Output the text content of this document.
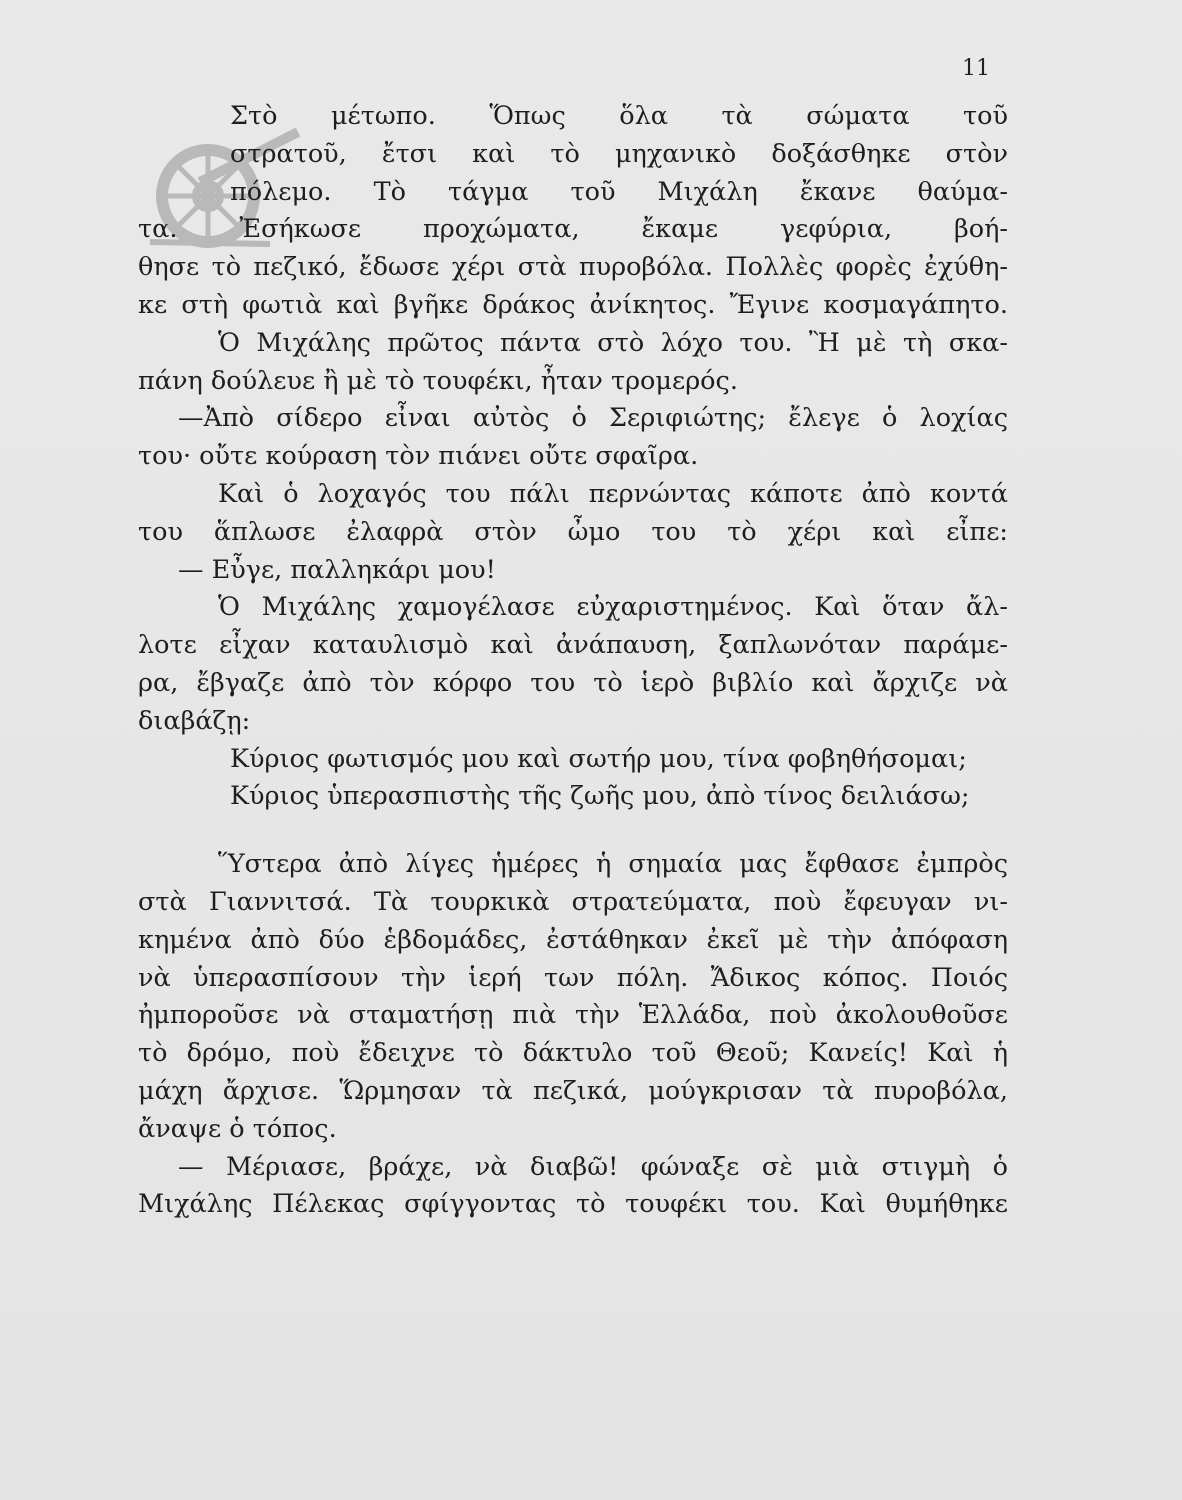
11
Στὸ μέτωπο. Ὅπως ὅλα τὰ σώματα τοῦ
στρατοῦ, ἔτσι καὶ τὸ μηχανικὸ δοξάσθηκε στὸν
πόλεμο. Τὸ τάγμα τοῦ Μιχάλη ἔκανε θαύμα-
τα. Ἐσήκωσε προχώματα, ἔκαμε γεφύρια, βοή-
θησε τὸ πεζικό, ἔδωσε χέρι στὰ πυροβόλα. Πολλὲς φορὲς ἐχύθη-
κε στὴ φωτιὰ καὶ βγῆκε δράκος ἀνίκητος. Ἔγινε κοσμαγάπητο.
Ὁ Μιχάλης πρῶτος πάντα στὸ λόχο του. Ἢ μὲ τὴ σκα-
πάνη δούλευε ἢ μὲ τὸ τουφέκι, ἦταν τρομερός.
—Ἀπὸ σίδερο εἶναι αὐτὸς ὁ Σεριφιώτης; ἔλεγε ὁ λοχίας
του· οὔτε κούραση τὸν πιάνει οὔτε σφαῖρα.
Καὶ ὁ λοχαγός του πάλι περνώντας κάποτε ἀπὸ κοντά
του ἅπλωσε ἐλαφρὰ στὸν ὦμο του τὸ χέρι καὶ εἶπε:
— Εὖγε, παλληκάρι μου!
Ὁ Μιχάλης χαμογέλασε εὐχαριστημένος. Καὶ ὅταν ἄλ-
λοτε εἶχαν καταυλισμὸ καὶ ἀνάπαυση, ξαπλωνόταν παράμε-
ρα, ἔβγαζε ἀπὸ τὸν κόρφο του τὸ ἱερὸ βιβλίο καὶ ἄρχιζε νὰ
διαβάζῃ:
Κύριος φωτισμός μου καὶ σωτήρ μου, τίνα φοβηθήσομαι;
Κύριος ὑπερασπιστὴς τῆς ζωῆς μου, ἀπὸ τίνος δειλιάσω;
Ὕστερα ἀπὸ λίγες ἡμέρες ἡ σημαία μας ἔφθασε ἐμπρὸς
στὰ Γιαννιτσά. Τὰ τουρκικὰ στρατεύματα, ποὺ ἔφευγαν νι-
κημένα ἀπὸ δύο ἑβδομάδες, ἐστάθηκαν ἐκεῖ μὲ τὴν ἀπόφαση
νὰ ὑπερασπίσουν τὴν ἱερή των πόλη. Ἄδικος κόπος. Ποιός
ἠμποροῦσε νὰ σταματήσῃ πιὰ τὴν Ἑλλάδα, ποὺ ἀκολουθοῦσε
τὸ δρόμο, ποὺ ἔδειχνε τὸ δάκτυλο τοῦ Θεοῦ; Κανείς! Καὶ ἡ
μάχη ἄρχισε. Ὥρμησαν τὰ πεζικά, μούγκρισαν τὰ πυροβόλα,
ἄναψε ὁ τόπος.
— Μέριασε, βράχε, νὰ διαβῶ! φώναξε σὲ μιὰ στιγμὴ ὁ
Μιχάλης Πέλεκας σφίγγοντας τὸ τουφέκι του. Καὶ θυμήθηκε
